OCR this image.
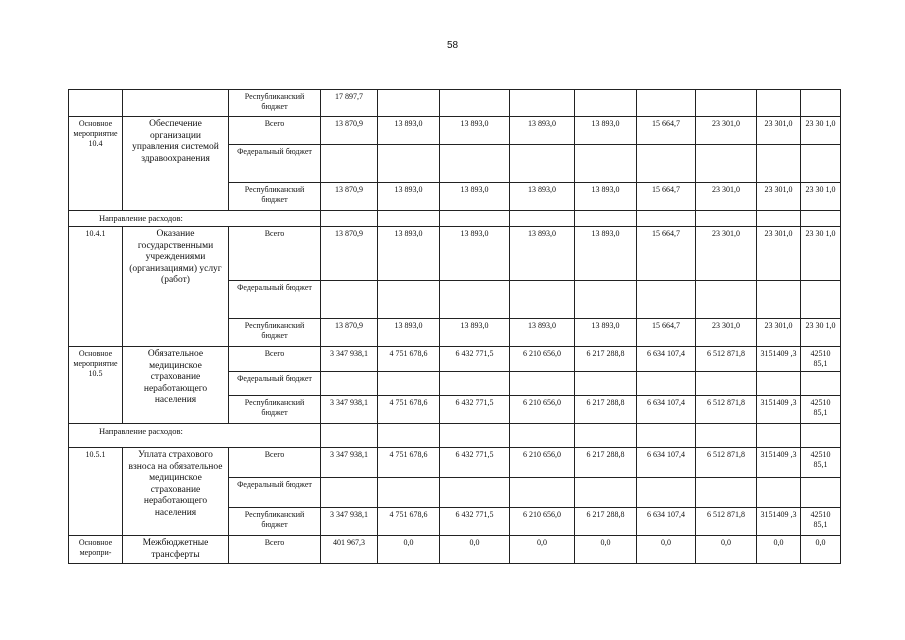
58
		Республиканский бюджет	17 897,7								
Основное мероприятие 10.4	Обеспечение организации управления системой здравоохранения	Всего	13 870,9	13 893,0	13 893,0	13 893,0	13 893,0	15 664,7	23 301,0	23 301,0	23 30 1,0
		Федеральный бюджет									
		Республиканский бюджет	13 870,9	13 893,0	13 893,0	13 893,0	13 893,0	15 664,7	23 301,0	23 301,0	23 30 1,0
Направление расходов:											
10.4.1	Оказание государственными учреждениями (организациями) услуг (работ)	Всего	13 870,9	13 893,0	13 893,0	13 893,0	13 893,0	15 664,7	23 301,0	23 301,0	23 30 1,0
		Федеральный бюджет									
		Республиканский бюджет	13 870,9	13 893,0	13 893,0	13 893,0	13 893,0	15 664,7	23 301,0	23 301,0	23 30 1,0
Основное мероприятие 10.5	Обязательное медицинское страхование неработающего населения	Всего	3 347 938,1	4 751 678,6	6 432 771,5	6 210 656,0	6 217 288,8	6 634 107,4	6 512 871,8	3151409 ,3	42510 85,1
		Федеральный бюджет									
		Республиканский бюджет	3 347 938,1	4 751 678,6	6 432 771,5	6 210 656,0	6 217 288,8	6 634 107,4	6 512 871,8	3151409 ,3	42510 85,1
Направление расходов:											
10.5.1	Уплата страхового взноса на обязательное медицинское страхование неработающего населения	Всего	3 347 938,1	4 751 678,6	6 432 771,5	6 210 656,0	6 217 288,8	6 634 107,4	6 512 871,8	3151409 ,3	42510 85,1
		Федеральный бюджет									
		Республиканский бюджет	3 347 938,1	4 751 678,6	6 432 771,5	6 210 656,0	6 217 288,8	6 634 107,4	6 512 871,8	3151409 ,3	42510 85,1
Основное меропри-	Межбюджетные трансферты	Всего	401 967,3	0,0	0,0	0,0	0,0	0,0	0,0	0,0	0,0
